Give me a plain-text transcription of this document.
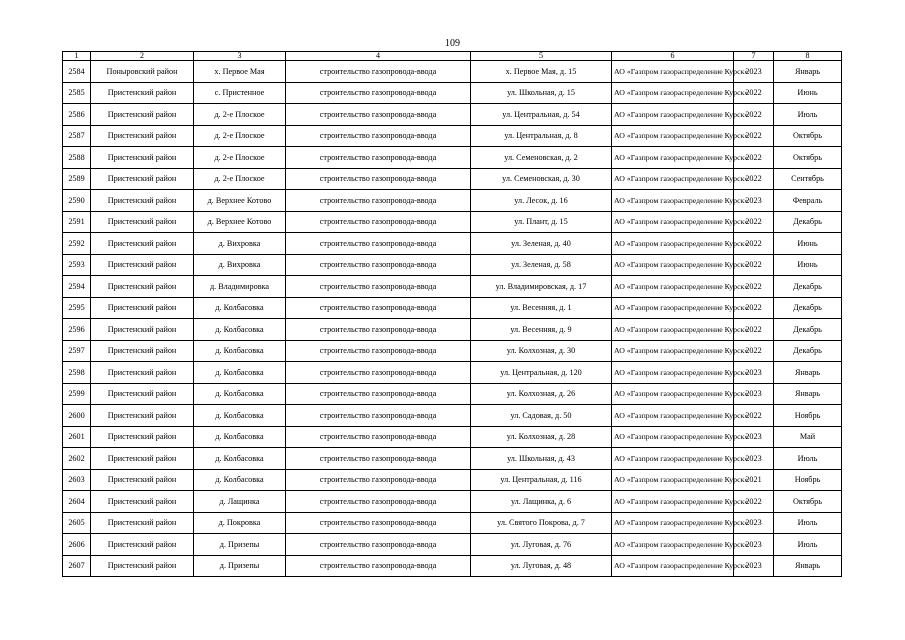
109
1	2	3	4	5	6	7	8
2584	Поныровский район	х. Первое Мая	строительство газопровода-ввода	х. Первое Мая, д. 15	АО «Газпром газораспределение Курск»	2023	Январь
2585	Пристенский район	с. Пристенное	строительство газопровода-ввода	ул. Школьная, д. 15	АО «Газпром газораспределение Курск»	2022	Июнь
2586	Пристенский район	д. 2-е Плоское	строительство газопровода-ввода	ул. Центральная, д. 54	АО «Газпром газораспределение Курск»	2022	Июль
2587	Пристенский район	д. 2-е Плоское	строительство газопровода-ввода	ул. Центральная, д. 8	АО «Газпром газораспределение Курск»	2022	Октябрь
2588	Пристенский район	д. 2-е Плоское	строительство газопровода-ввода	ул. Семеновская, д. 2	АО «Газпром газораспределение Курск»	2022	Октябрь
2589	Пристенский район	д. 2-е Плоское	строительство газопровода-ввода	ул. Семеновская, д. 30	АО «Газпром газораспределение Курск»	2022	Сентябрь
2590	Пристенский район	д. Верхнее Котово	строительство газопровода-ввода	ул. Лесок, д. 16	АО «Газпром газораспределение Курск»	2023	Февраль
2591	Пристенский район	д. Верхнее Котово	строительство газопровода-ввода	ул. Плант, д. 15	АО «Газпром газораспределение Курск»	2022	Декабрь
2592	Пристенский район	д. Вихровка	строительство газопровода-ввода	ул. Зеленая, д. 40	АО «Газпром газораспределение Курск»	2022	Июнь
2593	Пристенский район	д. Вихровка	строительство газопровода-ввода	ул. Зеленая, д. 58	АО «Газпром газораспределение Курск»	2022	Июнь
2594	Пристенский район	д. Владимировка	строительство газопровода-ввода	ул. Владимировская, д. 17	АО «Газпром газораспределение Курск»	2022	Декабрь
2595	Пристенский район	д. Колбасовка	строительство газопровода-ввода	ул. Весенняя, д. 1	АО «Газпром газораспределение Курск»	2022	Декабрь
2596	Пристенский район	д. Колбасовка	строительство газопровода-ввода	ул. Весенняя, д. 9	АО «Газпром газораспределение Курск»	2022	Декабрь
2597	Пристенский район	д. Колбасовка	строительство газопровода-ввода	ул. Колхозная, д. 30	АО «Газпром газораспределение Курск»	2022	Декабрь
2598	Пристенский район	д. Колбасовка	строительство газопровода-ввода	ул. Центральная, д. 120	АО «Газпром газораспределение Курск»	2023	Январь
2599	Пристенский район	д. Колбасовка	строительство газопровода-ввода	ул. Колхозная, д. 26	АО «Газпром газораспределение Курск»	2023	Январь
2600	Пристенский район	д. Колбасовка	строительство газопровода-ввода	ул. Садовая, д. 50	АО «Газпром газораспределение Курск»	2022	Ноябрь
2601	Пристенский район	д. Колбасовка	строительство газопровода-ввода	ул. Колхозная, д. 28	АО «Газпром газораспределение Курск»	2023	Май
2602	Пристенский район	д. Колбасовка	строительство газопровода-ввода	ул. Школьная, д. 43	АО «Газпром газораспределение Курск»	2023	Июль
2603	Пристенский район	д. Колбасовка	строительство газопровода-ввода	ул. Центральная, д. 116	АО «Газпром газораспределение Курск»	2021	Ноябрь
2604	Пристенский район	д. Лащинка	строительство газопровода-ввода	ул. Лащинка, д. 6	АО «Газпром газораспределение Курск»	2022	Октябрь
2605	Пристенский район	д. Покровка	строительство газопровода-ввода	ул. Святого Покрова, д. 7	АО «Газпром газораспределение Курск»	2023	Июль
2606	Пристенский район	д. Призепы	строительство газопровода-ввода	ул. Луговая, д. 76	АО «Газпром газораспределение Курск»	2023	Июль
2607	Пристенский район	д. Призепы	строительство газопровода-ввода	ул. Луговая, д. 48	АО «Газпром газораспределение Курск»	2023	Январь
